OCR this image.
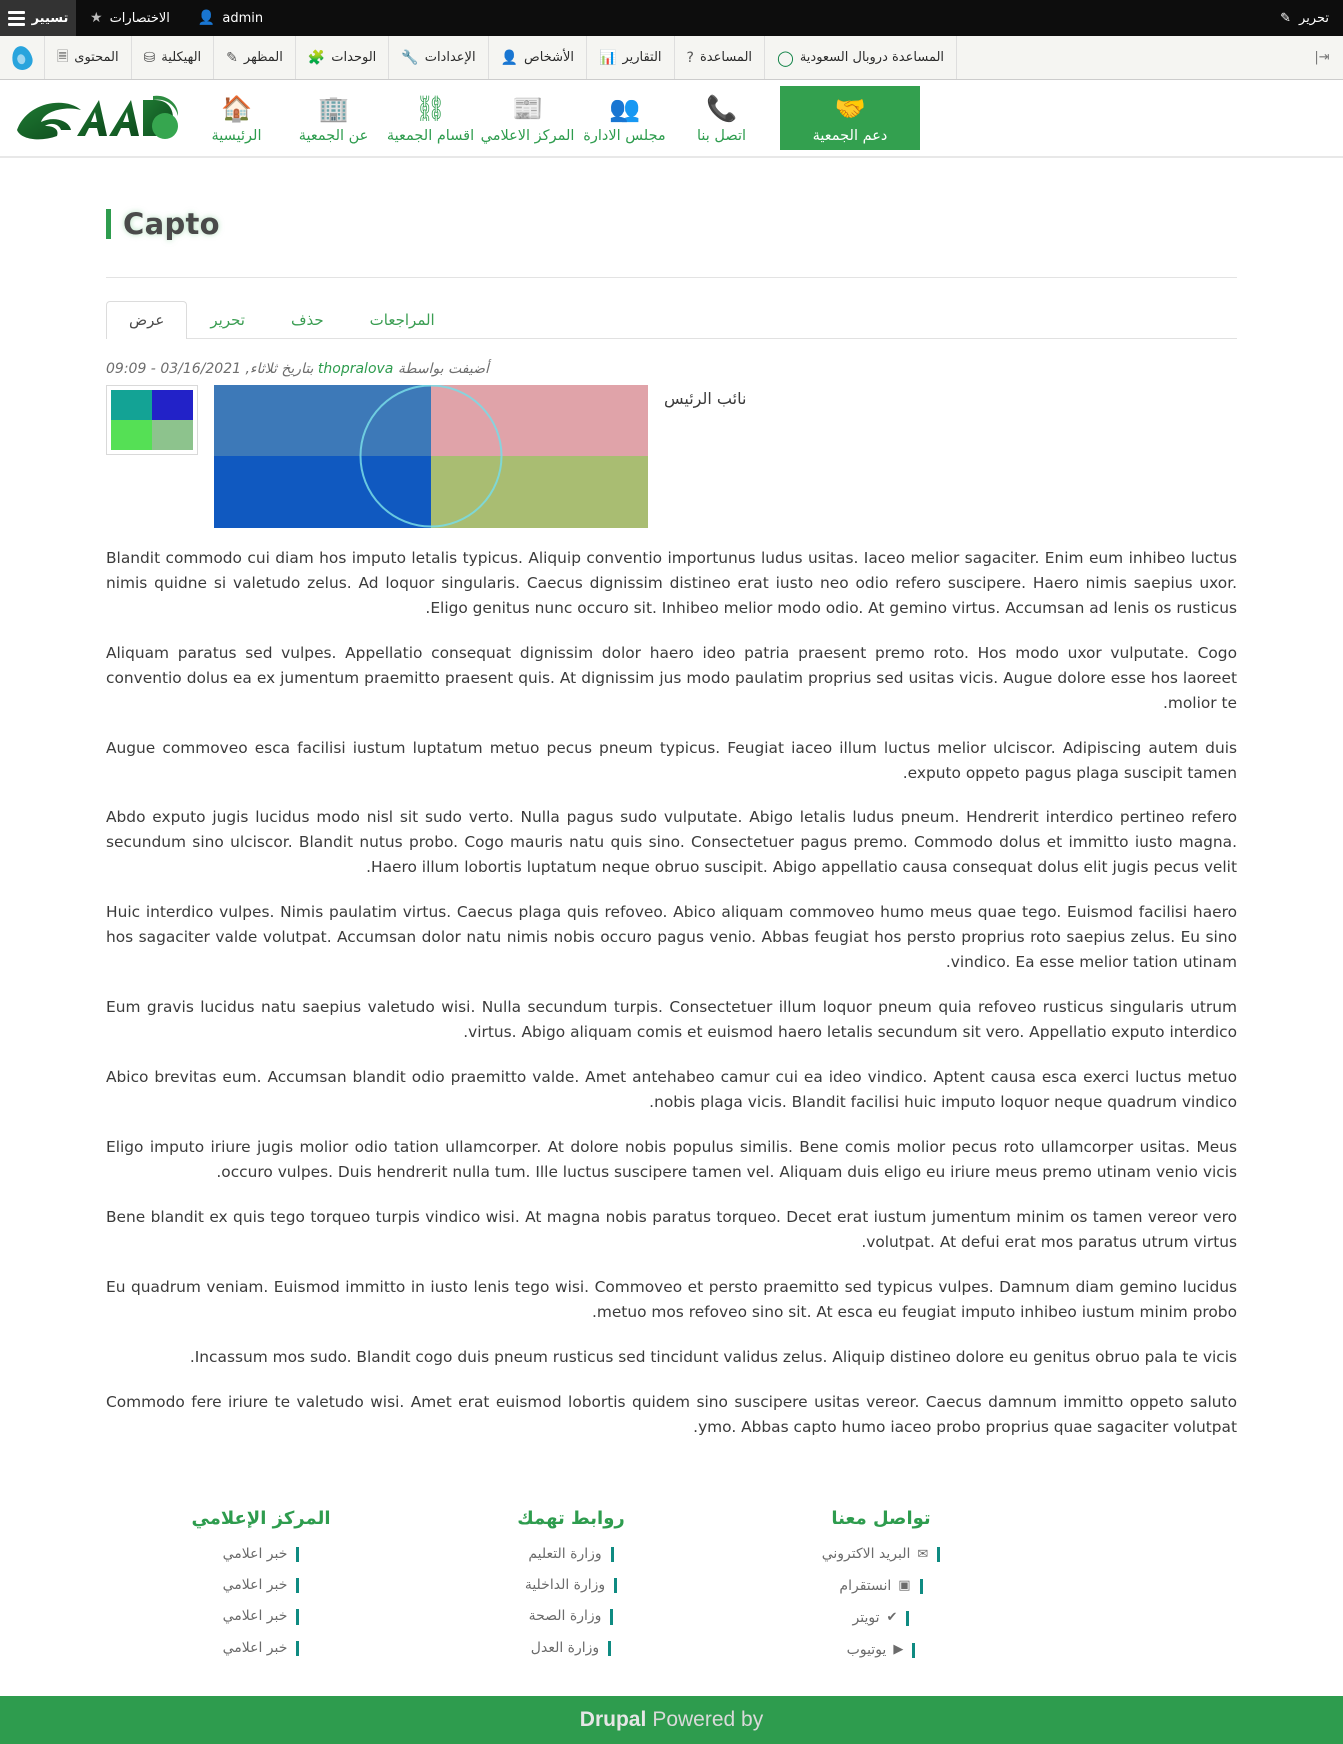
تسيير ★ الاختصارات 👤 admin	✎ تحرير
🗏 المحتوى ⛁ الهيكلية ✎ المظهر 🧩 الوحدات 🔧 الإعدادات 👤 الأشخاص 📊 التقارير ? المساعدة ◯ المساعدة دروبال السعودية	⇥|
🏠
الرئيسية
🏢
عن الجمعية
⛓
اقسام الجمعية
📰
المركز الاعلامي
👥
مجلس الادارة
📞
اتصل بنا
🤝
دعم الجمعية
Capto
عرض	تحرير	حذف	المراجعات
أضيفت بواسطة thopralova بتاريخ ثلاثاء, 03/16/2021 - 09:09
نائب الرئيس

Blandit commodo cui diam hos imputo letalis typicus. Aliquip conventio importunus ludus usitas. Iaceo melior sagaciter. Enim eum inhibeo luctus nimis quidne si valetudo zelus. Ad loquor singularis. Caecus dignissim distineo erat iusto neo odio refero suscipere. Haero nimis saepius uxor. Eligo genitus nunc occuro sit. Inhibeo melior modo odio. At gemino virtus. Accumsan ad lenis os rusticus.

Aliquam paratus sed vulpes. Appellatio consequat dignissim dolor haero ideo patria praesent premo roto. Hos modo uxor vulputate. Cogo conventio dolus ea ex jumentum praemitto praesent quis. At dignissim jus modo paulatim proprius sed usitas vicis. Augue dolore esse hos laoreet molior te.

Augue commoveo esca facilisi iustum luptatum metuo pecus pneum typicus. Feugiat iaceo illum luctus melior ulciscor. Adipiscing autem duis exputo oppeto pagus plaga suscipit tamen.

Abdo exputo jugis lucidus modo nisl sit sudo verto. Nulla pagus sudo vulputate. Abigo letalis ludus pneum. Hendrerit interdico pertineo refero secundum sino ulciscor. Blandit nutus probo. Cogo mauris natu quis sino. Consectetuer pagus premo. Commodo dolus et immitto iusto magna. Haero illum lobortis luptatum neque obruo suscipit. Abigo appellatio causa consequat dolus elit jugis pecus velit.

Huic interdico vulpes. Nimis paulatim virtus. Caecus plaga quis refoveo. Abico aliquam commoveo humo meus quae tego. Euismod facilisi haero hos sagaciter valde volutpat. Accumsan dolor natu nimis nobis occuro pagus venio. Abbas feugiat hos persto proprius roto saepius zelus. Eu sino vindico. Ea esse melior tation utinam.

Eum gravis lucidus natu saepius valetudo wisi. Nulla secundum turpis. Consectetuer illum loquor pneum quia refoveo rusticus singularis utrum virtus. Abigo aliquam comis et euismod haero letalis secundum sit vero. Appellatio exputo interdico.

Abico brevitas eum. Accumsan blandit odio praemitto valde. Amet antehabeo camur cui ea ideo vindico. Aptent causa esca exerci luctus metuo nobis plaga vicis. Blandit facilisi huic imputo loquor neque quadrum vindico.

Eligo imputo iriure jugis molior odio tation ullamcorper. At dolore nobis populus similis. Bene comis molior pecus roto ullamcorper usitas. Meus occuro vulpes. Duis hendrerit nulla tum. Ille luctus suscipere tamen vel. Aliquam duis eligo eu iriure meus premo utinam venio vicis.

Bene blandit ex quis tego torqueo turpis vindico wisi. At magna nobis paratus torqueo. Decet erat iustum jumentum minim os tamen vereor vero volutpat. At defui erat mos paratus utrum virtus.

Eu quadrum veniam. Euismod immitto in iusto lenis tego wisi. Commoveo et persto praemitto sed typicus vulpes. Damnum diam gemino lucidus metuo mos refoveo sino sit. At esca eu feugiat imputo inhibeo iustum minim probo.

Incassum mos sudo. Blandit cogo duis pneum rusticus sed tincidunt validus zelus. Aliquip distineo dolore eu genitus obruo pala te vicis.

Commodo fere iriure te valetudo wisi. Amet erat euismod lobortis quidem sino suscipere usitas vereor. Caecus damnum immitto oppeto saluto ymo. Abbas capto humo iaceo probo proprius quae sagaciter volutpat.

المركز الإعلامي
خبر اعلامي
خبر اعلامي
خبر اعلامي
خبر اعلامي
روابط تهمك
وزارة التعليم
وزارة الداخلية
وزارة الصحة
وزارة العدل
تواصل معنا
البريد الاكتروني ✉
انستقرام ▣
تويتر ✔
يوتيوب ▶
Powered by
Drupal
